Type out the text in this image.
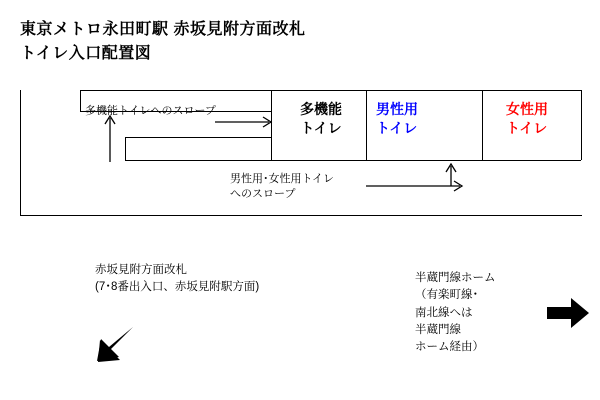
東京メトロ永田町駅 赤坂見附方面改札
トイレ入口配置図
多機能
トイレ
男性用
トイレ
女性用
トイレ
多機能トイレへのスロープ
男性用･女性用トイレ
へのスロープ
赤坂見附方面改札
(7･8番出入口、赤坂見附駅方面)
半蔵門線ホーム
（有楽町線･
南北線へは
半蔵門線
ホーム経由）
